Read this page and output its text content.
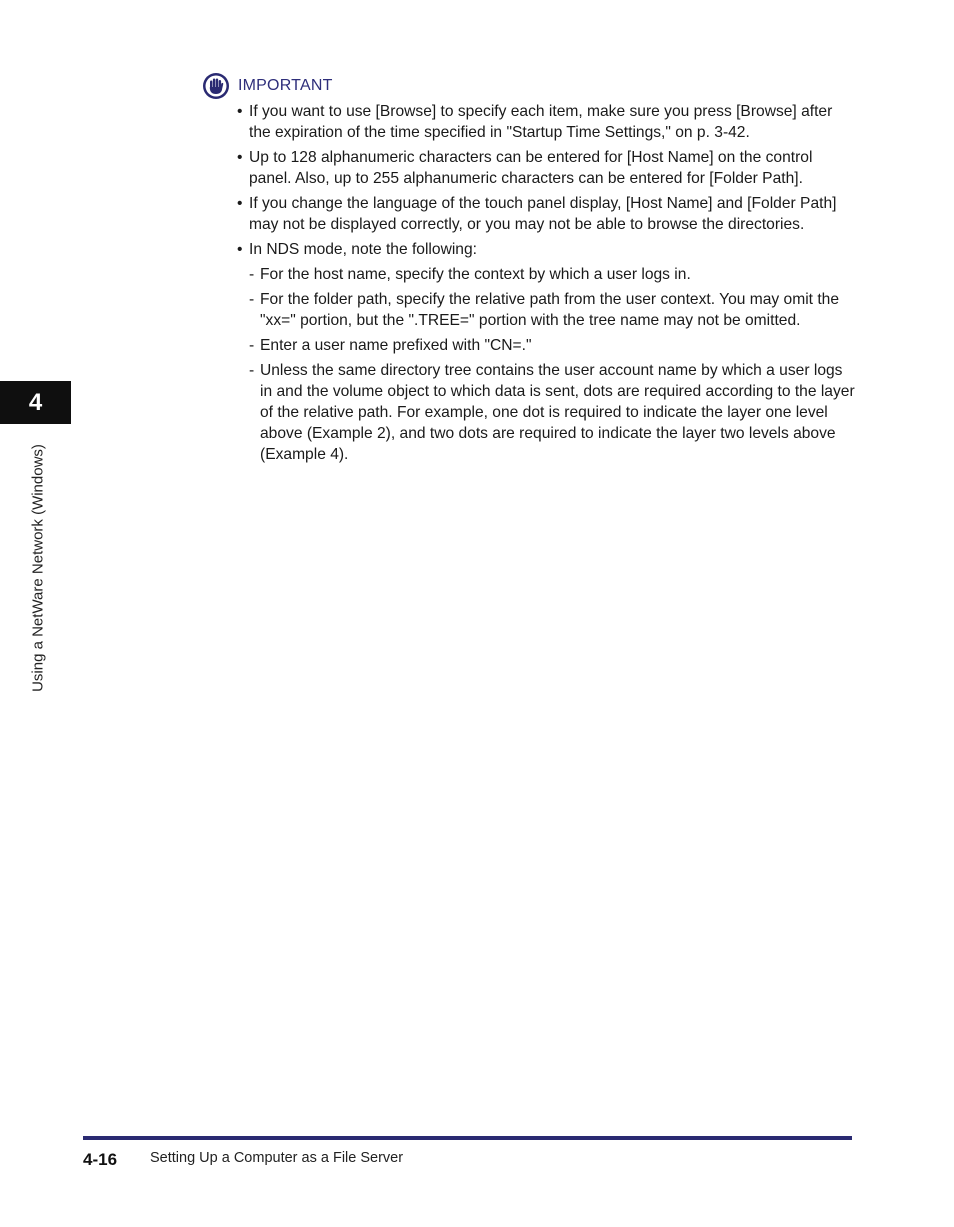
IMPORTANT
• If you want to use [Browse] to specify each item, make sure you press [Browse] after the expiration of the time specified in "Startup Time Settings," on p. 3-42.
• Up to 128 alphanumeric characters can be entered for [Host Name] on the control panel. Also, up to 255 alphanumeric characters can be entered for [Folder Path].
• If you change the language of the touch panel display, [Host Name] and [Folder Path] may not be displayed correctly, or you may not be able to browse the directories.
• In NDS mode, note the following:
- For the host name, specify the context by which a user logs in.
- For the folder path, specify the relative path from the user context. You may omit the "xx=" portion, but the ".TREE=" portion with the tree name may not be omitted.
- Enter a user name prefixed with "CN=."
- Unless the same directory tree contains the user account name by which a user logs in and the volume object to which data is sent, dots are required according to the layer of the relative path. For example, one dot is required to indicate the layer one level above (Example 2), and two dots are required to indicate the layer two levels above (Example 4).
4
Using a NetWare Network (Windows)
4-16 Setting Up a Computer as a File Server
